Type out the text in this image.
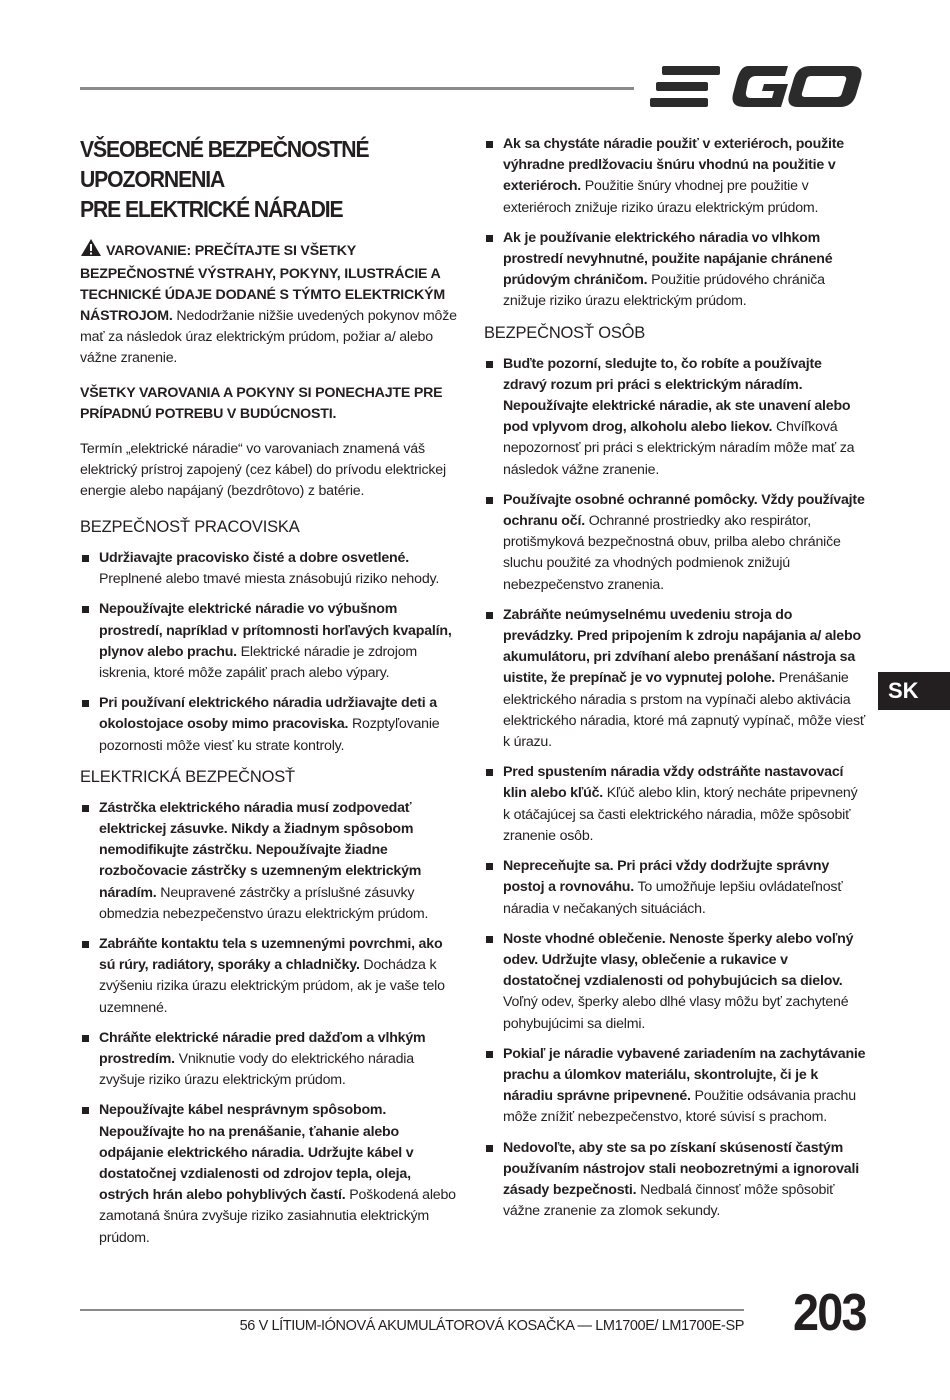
VŠEOBECNÉ BEZPEČNOSTNÉ UPOZORNENIA
PRE ELEKTRICKÉ NÁRADIE

VAROVANIE: PREČÍTAJTE SI VŠETKY BEZPEČNOSTNÉ VÝSTRAHY, POKYNY, ILUSTRÁCIE A TECHNICKÉ ÚDAJE DODANÉ S TÝMTO ELEKTRICKÝM NÁSTROJOM. Nedodržanie nižšie uvedených pokynov môže mať za následok úraz elektrickým prúdom, požiar a/ alebo vážne zranenie.

VŠETKY VAROVANIA A POKYNY SI PONECHAJTE PRE PRÍPADNÚ POTREBU V BUDÚCNOSTI.

Termín „elektrické náradie“ vo varovaniach znamená váš elektrický prístroj zapojený (cez kábel) do prívodu elektrickej energie alebo napájaný (bezdrôtovo) z batérie.

BEZPEČNOSŤ PRACOVISKA
Udržiavajte pracovisko čisté a dobre osvetlené. Preplnené alebo tmavé miesta znásobujú riziko nehody.
Nepoužívajte elektrické náradie vo výbušnom prostredí, napríklad v prítomnosti horľavých kvapalín, plynov alebo prachu. Elektrické náradie je zdrojom iskrenia, ktoré môže zapáliť prach alebo výpary.
Pri používaní elektrického náradia udržiavajte deti a okolostojace osoby mimo pracoviska. Rozptyľovanie pozornosti môže viesť ku strate kontroly.
ELEKTRICKÁ BEZPEČNOSŤ
Zástrčka elektrického náradia musí zodpovedať elektrickej zásuvke. Nikdy a žiadnym spôsobom nemodifikujte zástrčku. Nepoužívajte žiadne rozbočovacie zástrčky s uzemneným elektrickým náradím. Neupravené zástrčky a príslušné zásuvky obmedzia nebezpečenstvo úrazu elektrickým prúdom.
Zabráňte kontaktu tela s uzemnenými povrchmi, ako sú rúry, radiátory, sporáky a chladničky. Dochádza k zvýšeniu rizika úrazu elektrickým prúdom, ak je vaše telo uzemnené.
Chráňte elektrické náradie pred dažďom a vlhkým prostredím. Vniknutie vody do elektrického náradia zvyšuje riziko úrazu elektrickým prúdom.
Nepoužívajte kábel nesprávnym spôsobom. Nepoužívajte ho na prenášanie, ťahanie alebo odpájanie elektrického náradia. Udržujte kábel v dostatočnej vzdialenosti od zdrojov tepla, oleja, ostrých hrán alebo pohyblivých častí. Poškodená alebo zamotaná šnúra zvyšuje riziko zasiahnutia elektrickým prúdom.
Ak sa chystáte náradie použiť v exteriéroch, použite výhradne predlžovaciu šnúru vhodnú na použitie v exteriéroch. Použitie šnúry vhodnej pre použitie v exteriéroch znižuje riziko úrazu elektrickým prúdom.
Ak je používanie elektrického náradia vo vlhkom prostredí nevyhnutné, použite napájanie chránené prúdovým chráničom. Použitie prúdového chrániča znižuje riziko úrazu elektrickým prúdom.
BEZPEČNOSŤ OSÔB
Buďte pozorní, sledujte to, čo robíte a používajte zdravý rozum pri práci s elektrickým náradím. Nepoužívajte elektrické náradie, ak ste unavení alebo pod vplyvom drog, alkoholu alebo liekov. Chvíľková nepozornosť pri práci s elektrickým náradím môže mať za následok vážne zranenie.
Používajte osobné ochranné pomôcky. Vždy používajte ochranu očí. Ochranné prostriedky ako respirátor, protišmyková bezpečnostná obuv, prilba alebo chrániče sluchu použité za vhodných podmienok znižujú nebezpečenstvo zranenia.
Zabráňte neúmyselnému uvedeniu stroja do prevádzky. Pred pripojením k zdroju napájania a/ alebo akumulátoru, pri zdvíhaní alebo prenášaní nástroja sa uistite, že prepínač je vo vypnutej polohe. Prenášanie elektrického náradia s prstom na vypínači alebo aktivácia elektrického náradia, ktoré má zapnutý vypínač, môže viesť k úrazu.
Pred spustením náradia vždy odstráňte nastavovací klin alebo kľúč. Kľúč alebo klin, ktorý necháte pripevnený k otáčajúcej sa časti elektrického náradia, môže spôsobiť zranenie osôb.
Nepreceňujte sa. Pri práci vždy dodržujte správny postoj a rovnováhu. To umožňuje lepšiu ovládateľnosť náradia v nečakaných situáciách.
Noste vhodné oblečenie. Nenoste šperky alebo voľný odev. Udržujte vlasy, oblečenie a rukavice v dostatočnej vzdialenosti od pohybujúcich sa dielov. Voľný odev, šperky alebo dlhé vlasy môžu byť zachytené pohybujúcimi sa dielmi.
Pokiaľ je náradie vybavené zariadením na zachytávanie prachu a úlomkov materiálu, skontrolujte, či je k náradiu správne pripevnené. Použitie odsávania prachu môže znížiť nebezpečenstvo, ktoré súvisí s prachom.
Nedovoľte, aby ste sa po získaní skúseností častým používaním nástrojov stali neobozretnými a ignorovali zásady bezpečnosti. Nedbalá činnosť môže spôsobiť vážne zranenie za zlomok sekundy.
SK
56 V LÍTIUM-IÓNOVÁ AKUMULÁTOROVÁ KOSAČKA — LM1700E/ LM1700E-SP 203
